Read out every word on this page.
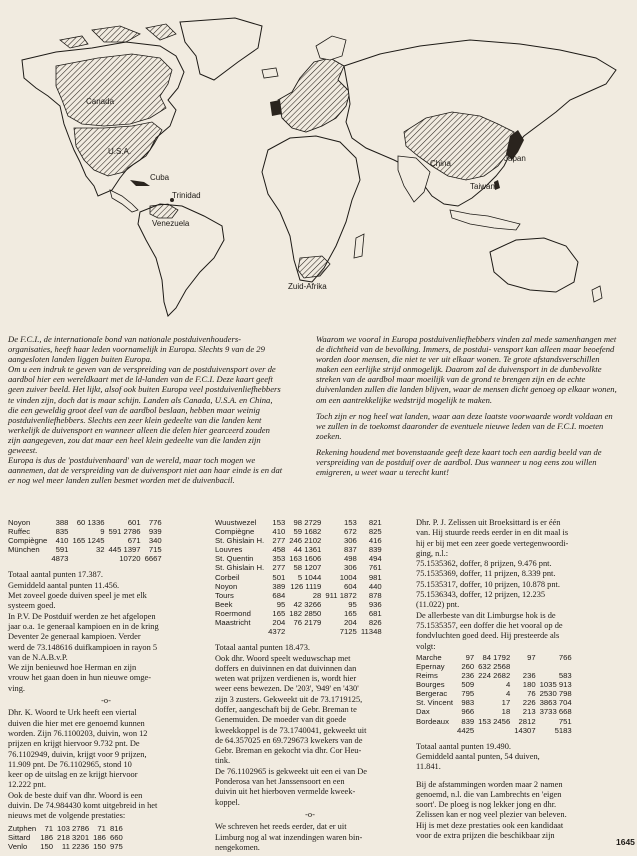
Canada
U.S.A.
Cuba
Trinidad
Venezuela
China
Japan
Taiwan
Zuid-Afrika

De F.C.I., de internationale bond van nationale postduivenhouders- organisaties, heeft haar leden voornamelijk in Europa. Slechts 9 van de 29 aangesloten landen liggen buiten Europa.

Om u een indruk te geven van de verspreiding van de postduivensport over de aardbol hier een wereldkaart met de ld-landen van de F.C.I. Deze kaart geeft geen zuiver beeld. Het lijkt, alsof ook buiten Europa veel postduivenliefhebbers te vinden zijn, doch dat is maar schijn. Landen als Canada, U.S.A. en China, die een geweldig groot deel van de aardbol beslaan, hebben maar weinig postduivenliefhebbers. Slechts een zeer klein gedeelte van die landen kent werkelijk de duivensport en wanneer alleen die delen hier gearceerd zouden zijn aangegeven, zou dat maar een heel klein gedeelte van die landen zijn geweest.

Europa is dus de 'postduivenhaard' van de wereld, maar toch mogen we aannemen, dat de verspreiding van de duivensport niet aan haar einde is en dat er nog wel meer landen zullen besmet worden met de duivenbacil.

Waarom we vooral in Europa postduivenliefhebbers vinden zal mede samenhangen met de dichtheid van de bevolking. Immers, de postdui- vensport kan alleen maar beoefend worden door mensen, die niet te ver uit elkaar wonen. Te grote afstandsverschillen maken een eerlijke strijd onmogelijk. Daarom zal de duivensport in de dunbevolkte streken van de aardbol maar moeilijk van de grond te brengen zijn en de echte duivenlanden zullen die landen blijven, waar de mensen dicht genoeg op elkaar wonen, om een aantrekkelijke wedstrijd mogelijk te maken.

Toch zijn er nog heel wat landen, waar aan deze laatste voorwaarde wordt voldaan en we zullen in de toekomst daaronder de eventuele nieuwe leden van de F.C.I. moeten zoeken.

Rekening houdend met bovenstaande geeft deze kaart toch een aardig beeld van de verspreiding van de postduif over de aardbol. Dus wanneer u nog eens zou willen emigreren, u weet waar u terecht kunt!

Noyon	388	60 1336	601	776
Ruffec	835	9	591 2786	939
Compiègne	410	165 1245	671	340
München	591	32	445 1397	715
	4873		10720	6667
Totaal aantal punten 17.387.
Gemiddeld aantal punten 11.456.
Met zoveel goede duiven speel je met elk
systeem goed.
In P.V. De Postduif werden ze het afgelopen
jaar o.a. 1e generaal kampioen en in de kring
Deventer 2e generaal kampioen. Verder
werd de 73.148616 duifkampioen in rayon 5
van de N.A.B.v.P.
We zijn benieuwd hoe Herman en zijn
vrouw het gaan doen in hun nieuwe omge-
ving.
-o-
Dhr. K. Woord te Urk heeft een viertal
duiven die hier met ere genoemd kunnen
worden. Zijn 76.1100203, duivin, won 12
prijzen en krijgt hiervoor 9.732 pnt. De
76.1102949, duivin, krijgt voor 9 prijzen,
11.909 pnt. De 76.1102965, stond 10
keer op de uitslag en ze krijgt hiervoor
12.222 pnt.
Ook de beste duif van dhr. Woord is een
duivin. De 74.984430 komt uitgebreid in het
nieuws met de volgende prestaties:
Zutphen	71	103 2786	71	816
Sittard	186	218 3201	186	660
Venlo	150	11 2236	150	975
Wuustwezel	153	98 2729	153	821
Compiègne	410	59 1682	672	825
St. Ghislain H.	277	246 2102	306	416
Louvres	458	44 1361	837	839
St. Quentin	353	163 1606	498	494
St. Ghislain H.	277	58 1207	306	761
Corbeil	501	5 1044	1004	981
Noyon	389	126 1119	604	440
Tours	684	28	911 1872	878
Beek	95	42 3266	95	936
Roermond	165	182 2850	165	681
Maastricht	204	76 2179	204	826
	4372		7125	11348
Totaal aantal punten 18.473.
Ook dhr. Woord speelt weduwschap met
doffers en duivinnen en dat duivinnen dan
weten wat prijzen verdienen is, wordt hier
weer eens bewezen. De '203', '949' en '430'
zijn 3 zusters. Gekweekt uit de 73.1719125,
doffer, aangeschaft bij de Gebr. Breman te
Genemuiden. De moeder van dit goede
kweekkoppel is de 73.1740041, gekweekt uit
de 64.357025 en 69.729673 kwekers van de
Gebr. Breman en gekocht via dhr. Cor Heu-
tink.
De 76.1102965 is gekweekt uit een ei van De
Ponderosa van het Janssensoort en een
duivin uit het hierboven vermelde kweek-
koppel.
-o-
We schreven het reeds eerder, dat er uit
Limburg nog al wat inzendingen waren bin-
nengekomen.
Dhr. P. J. Zelissen uit Broeksittard is er één
van. Hij stuurde reeds eerder in en dit maal is
hij er bij met een zeer goede vertegenwoordi-
ging, n.l.:
75.1535362, doffer, 8 prijzen, 9.476 pnt.
75.1535369, doffer, 11 prijzen, 8.339 pnt.
75.1535317, doffer, 10 prijzen, 10.878 pnt.
75.1536343, doffer, 12 prijzen, 12.235
(11.022) pnt.
De allerbeste van dit Limburgse hok is de
75.1535357, een doffer die het vooral op de
fondvluchten goed deed. Hij presteerde als
volgt:
Marche	97	84 1792	97	766
Epernay	260	632 2568		
Reims	236	224 2682	236	583
Bourges	509	4	180	1035 913
Bergerac	795	4	76	2530 798
St. Vincent	983	17	226	3863 704
Dax	966	18	213	3733 668
Bordeaux	839	153 2456	2812	751
	4425		14307	5183
Totaal aantal punten 19.490.
Gemiddeld aantal punten, 54 duiven,
11.841.
Bij de afstammingen worden maar 2 namen
genoemd, n.l. die van Lambrechts en 'eigen
soort'. De ploeg is nog lekker jong en dhr.
Zelissen kan er nog veel plezier van beleven.
Hij is met deze prestaties ook een kandidaat
voor de extra prijzen die beschikbaar zijn
1645
